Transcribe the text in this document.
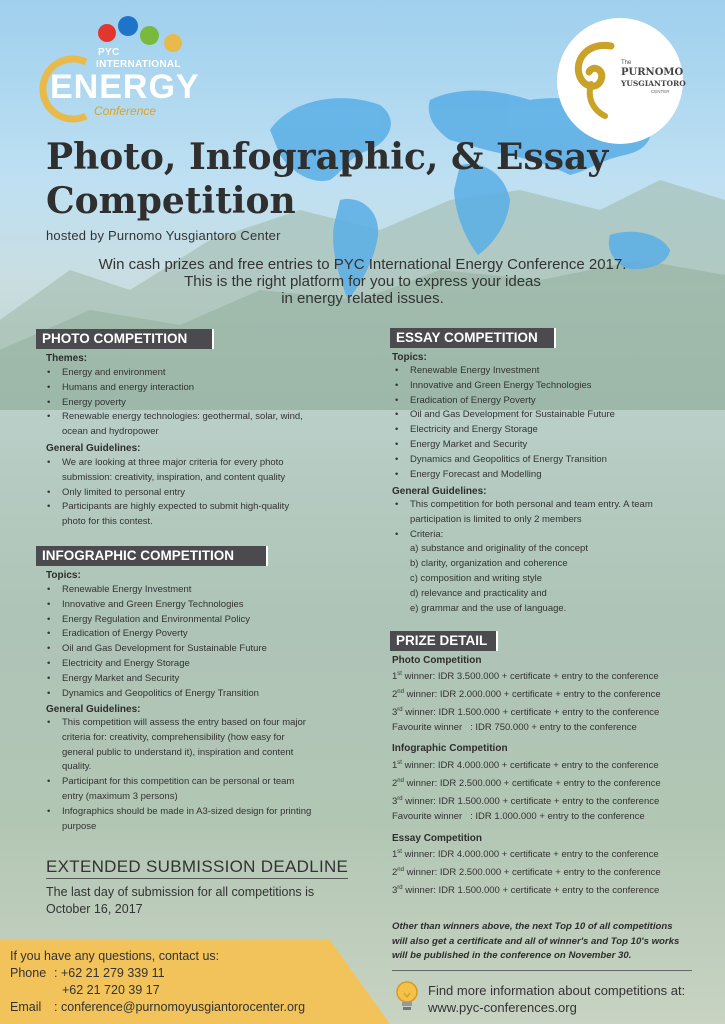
PYC
INTERNATIONAL
ENERGY
Conference
The
PURNOMO
YUSGIANTORO
CENTER
Photo, Infographic, & Essay
Competition
hosted by Purnomo Yusgiantoro Center
Win cash prizes and free entries to PYC International Energy Conference 2017.
This is the right platform for you to express your ideas
in energy related issues.
PHOTO COMPETITION
Themes:
• Energy and environment
• Humans and energy interaction
• Energy poverty
• Renewable energy technologies: geothermal, solar, wind,
ocean and hydropower
General Guidelines:
• We are looking at three major criteria for every photo
submission: creativity, inspiration, and content quality
• Only limited to personal entry
• Participants are highly expected to submit high-quality
photo for this contest.
INFOGRAPHIC COMPETITION
Topics:
• Renewable Energy Investment
• Innovative and Green Energy Technologies
• Energy Regulation and Environmental Policy
• Eradication of Energy Poverty
• Oil and Gas Development for Sustainable Future
• Electricity and Energy Storage
• Energy Market and Security
• Dynamics and Geopolitics of Energy Transition
General Guidelines:
• This competition will assess the entry based on four major
criteria for: creativity, comprehensibility (how easy for
general public to understand it), inspiration and content
quality.
• Participant for this competition can be personal or team
entry (maximum 3 persons)
• Infographics should be made in A3-sized design for printing
purpose
EXTENDED SUBMISSION DEADLINE
The last day of submission for all competitions is
October 16, 2017
ESSAY COMPETITION
Topics:
• Renewable Energy Investment
• Innovative and Green Energy Technologies
• Eradication of Energy Poverty
• Oil and Gas Development for Sustainable Future
• Electricity and Energy Storage
• Energy Market and Security
• Dynamics and Geopolitics of Energy Transition
• Energy Forecast and Modelling
General Guidelines:
• This competition for both personal and team entry. A team
participation is limited to only 2 members
• Criteria:
a) substance and originality of the concept
b) clarity, organization and coherence
c) composition and writing style
d) relevance and practicality and
e) grammar and the use of language.
PRIZE DETAIL
Photo Competition
1st winner: IDR 3.500.000 + certificate + entry to the conference
2nd winner: IDR 2.000.000 + certificate + entry to the conference
3rd winner: IDR 1.500.000 + certificate + entry to the conference
Favourite winner   : IDR 750.000 + entry to the conference
Infographic Competition
1st winner: IDR 4.000.000 + certificate + entry to the conference
2nd winner: IDR 2.500.000 + certificate + entry to the conference
3rd winner: IDR 1.500.000 + certificate + entry to the conference
Favourite winner   : IDR 1.000.000 + entry to the conference
Essay Competition
1st winner: IDR 4.000.000 + certificate + entry to the conference
2nd winner: IDR 2.500.000 + certificate + entry to the conference
3rd winner: IDR 1.500.000 + certificate + entry to the conference
Other than winners above, the next Top 10 of all competitions
will also get a certificate and all of winner's and Top 10's works
will be published in the conference on November 30.
Find more information about competitions at:
www.pyc-conferences.org
If you have any questions, contact us:
Phone : +62 21 279 339 11
+62 21 720 39 17
Email : conference@purnomoyusgiantorocenter.org
